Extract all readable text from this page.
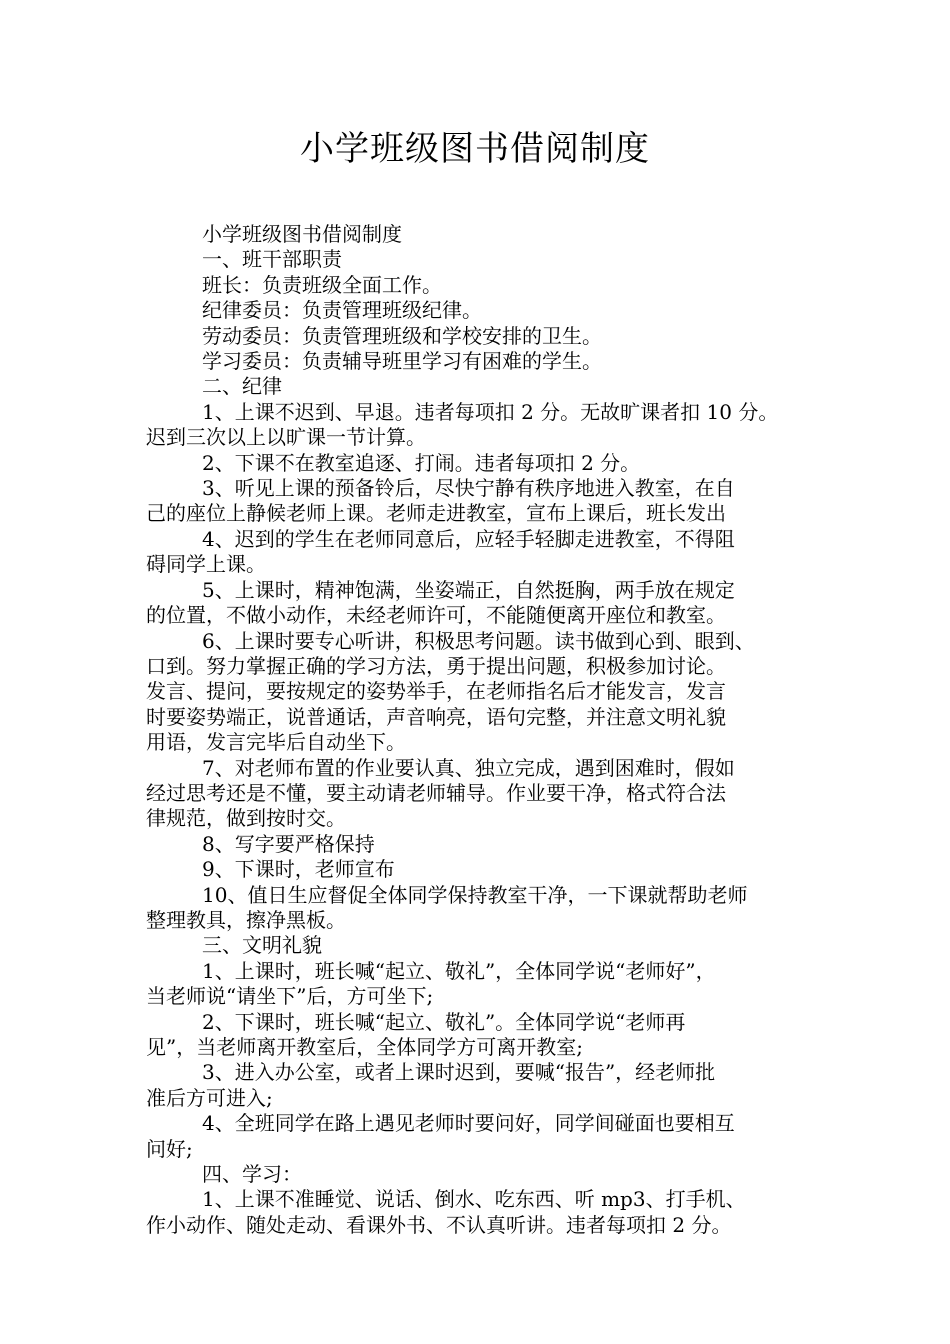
小学班级图书借阅制度
小学班级图书借阅制度
一、班干部职责
班长：负责班级全面工作。
纪律委员：负责管理班级纪律。
劳动委员：负责管理班级和学校安排的卫生。
学习委员：负责辅导班里学习有困难的学生。
二、纪律
1、上课不迟到、早退。违者每项扣 2 分。无故旷课者扣 10 分。
迟到三次以上以旷课一节计算。
2、下课不在教室追逐、打闹。违者每项扣 2 分。
3、听见上课的预备铃后，尽快宁静有秩序地进入教室，在自
己的座位上静候老师上课。老师走进教室，宣布上课后，班长发出
4、迟到的学生在老师同意后，应轻手轻脚走进教室，不得阻
碍同学上课。
5、上课时，精神饱满，坐姿端正，自然挺胸，两手放在规定
的位置，不做小动作，未经老师许可，不能随便离开座位和教室。
6、上课时要专心听讲，积极思考问题。读书做到心到、眼到、
口到。努力掌握正确的学习方法，勇于提出问题，积极参加讨论。
发言、提问，要按规定的姿势举手，在老师指名后才能发言，发言
时要姿势端正，说普通话，声音响亮，语句完整，并注意文明礼貌
用语，发言完毕后自动坐下。
7、对老师布置的作业要认真、独立完成，遇到困难时，假如
经过思考还是不懂，要主动请老师辅导。作业要干净，格式符合法
律规范，做到按时交。
8、写字要严格保持
9、下课时，老师宣布
10、值日生应督促全体同学保持教室干净，一下课就帮助老师
整理教具，擦净黑板。
三、文明礼貌
1、上课时，班长喊“起立、敬礼”，全体同学说“老师好”，
当老师说“请坐下”后，方可坐下;
2、下课时，班长喊“起立、敬礼”。全体同学说“老师再
见”，当老师离开教室后，全体同学方可离开教室;
3、进入办公室，或者上课时迟到，要喊“报告”，经老师批
准后方可进入;
4、全班同学在路上遇见老师时要问好，同学间碰面也要相互
问好;
四、学习：
1、上课不准睡觉、说话、倒水、吃东西、听 mp3、打手机、
作小动作、随处走动、看课外书、不认真听讲。违者每项扣 2 分。
